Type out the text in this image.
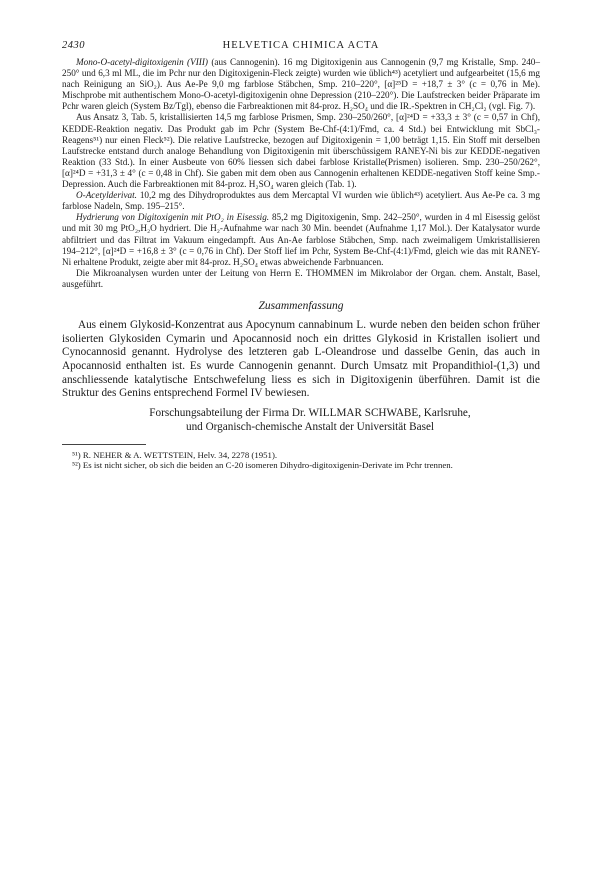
2430	HELVETICA CHIMICA ACTA

Mono-O-acetyl-digitoxigenin (VIII) (aus Cannogenin). 16 mg Digitoxigenin aus Cannogenin (9,7 mg Kristalle, Smp. 240–250° und 6,3 ml ML, die im Pchr nur den Digitoxigenin-Fleck zeigte) wurden wie üblich⁴³) acetyliert und aufgearbeitet (15,6 mg nach Reinigung an SiO₂). Aus Ae-Pe 9,0 mg farblose Stäbchen, Smp. 210–220°, [α]²⁵D = +18,7 ± 3° (c = 0,76 in Me). Mischprobe mit authentischem Mono-O-acetyl-digitoxigenin ohne Depression (210–220°). Die Laufstrecken beider Präparate im Pchr waren gleich (System Bz/Tgl), ebenso die Farbreaktionen mit 84-proz. H₂SO₄ und die IR.-Spektren in CH₂Cl₂ (vgl. Fig. 7).

Aus Ansatz 3, Tab. 5, kristallisierten 14,5 mg farblose Prismen, Smp. 230–250/260°, [α]²⁴D = +33,3 ± 3° (c = 0,57 in Chf), KEDDE-Reaktion negativ. Das Produkt gab im Pchr (System Be-Chf-(4:1)/Fmd, ca. 4 Std.) bei Entwicklung mit SbCl₃-Reagens⁵¹) nur einen Fleck⁵²). Die relative Laufstrecke, bezogen auf Digitoxigenin = 1,00 beträgt 1,15. Ein Stoff mit derselben Laufstrecke entstand durch analoge Behandlung von Digitoxigenin mit überschüssigem RANEY-Ni bis zur KEDDE-negativen Reaktion (33 Std.). In einer Ausbeute von 60% liessen sich dabei farblose Kristalle(Prismen) isolieren. Smp. 230–250/262°, [α]²⁴D = +31,3 ± 4° (c = 0,48 in Chf). Sie gaben mit dem oben aus Cannogenin erhaltenen KEDDE-negativen Stoff keine Smp.-Depression. Auch die Farbreaktionen mit 84-proz. H₂SO₄ waren gleich (Tab. 1).

O-Acetylderivat. 10,2 mg des Dihydroproduktes aus dem Mercaptal VI wurden wie üblich⁴³) acetyliert. Aus Ae-Pe ca. 3 mg farblose Nadeln, Smp. 195–215°.

Hydrierung von Digitoxigenin mit PtO₂ in Eisessig. 85,2 mg Digitoxigenin, Smp. 242–250°, wurden in 4 ml Eisessig gelöst und mit 30 mg PtO₂,H₂O hydriert. Die H₂-Aufnahme war nach 30 Min. beendet (Aufnahme 1,17 Mol.). Der Katalysator wurde abfiltriert und das Filtrat im Vakuum eingedampft. Aus An-Ae farblose Stäbchen, Smp. nach zweimaligem Umkristallisieren 194–212°, [α]²⁴D = +16,8 ± 3° (c = 0,76 in Chf). Der Stoff lief im Pchr, System Be-Chf-(4:1)/Fmd, gleich wie das mit RANEY-Ni erhaltene Produkt, zeigte aber mit 84-proz. H₂SO₄ etwas abweichende Farbnuancen.

Die Mikroanalysen wurden unter der Leitung von Herrn E. THOMMEN im Mikrolabor der Organ. chem. Anstalt, Basel, ausgeführt.

Zusammenfassung

Aus einem Glykosid-Konzentrat aus Apocynum cannabinum L. wurde neben den beiden schon früher isolierten Glykosiden Cymarin und Apocannosid noch ein drittes Glykosid in Kristallen isoliert und Cynocannosid genannt. Hydrolyse des letzteren gab L-Oleandrose und dasselbe Genin, das auch in Apocannosid enthalten ist. Es wurde Cannogenin genannt. Durch Umsatz mit Propandithiol-(1,3) und anschliessende katalytische Entschwefelung liess es sich in Digitoxigenin überführen. Damit ist die Struktur des Genins entsprechend Formel IV bewiesen.

Forschungsabteilung der Firma Dr. WILLMAR SCHWABE, Karlsruhe,
und Organisch-chemische Anstalt der Universität Basel

⁵¹) R. NEHER & A. WETTSTEIN, Helv. 34, 2278 (1951).

⁵²) Es ist nicht sicher, ob sich die beiden an C-20 isomeren Dihydro-digitoxigenin-Derivate im Pchr trennen.
